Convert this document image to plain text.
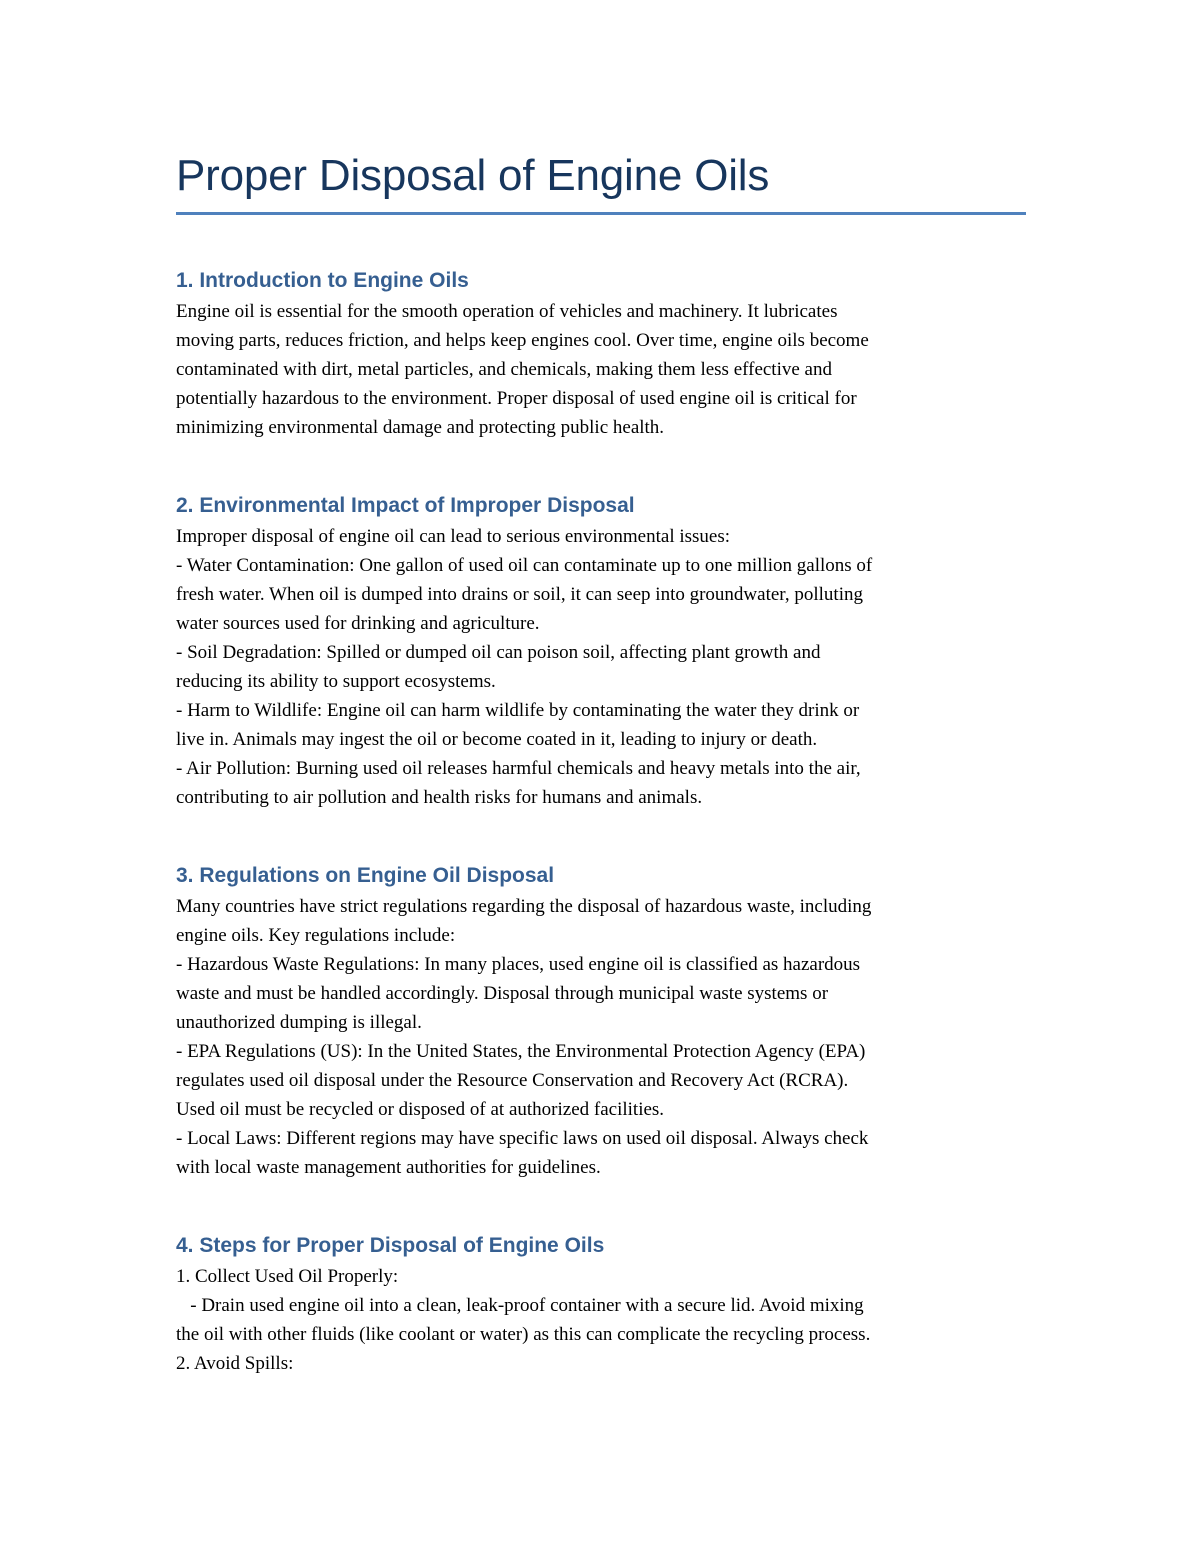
Proper Disposal of Engine Oils
1. Introduction to Engine Oils
Engine oil is essential for the smooth operation of vehicles and machinery. It lubricates
moving parts, reduces friction, and helps keep engines cool. Over time, engine oils become
contaminated with dirt, metal particles, and chemicals, making them less effective and
potentially hazardous to the environment. Proper disposal of used engine oil is critical for
minimizing environmental damage and protecting public health.
2. Environmental Impact of Improper Disposal
Improper disposal of engine oil can lead to serious environmental issues:
- Water Contamination: One gallon of used oil can contaminate up to one million gallons of
fresh water. When oil is dumped into drains or soil, it can seep into groundwater, polluting
water sources used for drinking and agriculture.
- Soil Degradation: Spilled or dumped oil can poison soil, affecting plant growth and
reducing its ability to support ecosystems.
- Harm to Wildlife: Engine oil can harm wildlife by contaminating the water they drink or
live in. Animals may ingest the oil or become coated in it, leading to injury or death.
- Air Pollution: Burning used oil releases harmful chemicals and heavy metals into the air,
contributing to air pollution and health risks for humans and animals.
3. Regulations on Engine Oil Disposal
Many countries have strict regulations regarding the disposal of hazardous waste, including
engine oils. Key regulations include:
- Hazardous Waste Regulations: In many places, used engine oil is classified as hazardous
waste and must be handled accordingly. Disposal through municipal waste systems or
unauthorized dumping is illegal.
- EPA Regulations (US): In the United States, the Environmental Protection Agency (EPA)
regulates used oil disposal under the Resource Conservation and Recovery Act (RCRA).
Used oil must be recycled or disposed of at authorized facilities.
- Local Laws: Different regions may have specific laws on used oil disposal. Always check
with local waste management authorities for guidelines.
4. Steps for Proper Disposal of Engine Oils
1. Collect Used Oil Properly:
- Drain used engine oil into a clean, leak-proof container with a secure lid. Avoid mixing
the oil with other fluids (like coolant or water) as this can complicate the recycling process.
2. Avoid Spills:
